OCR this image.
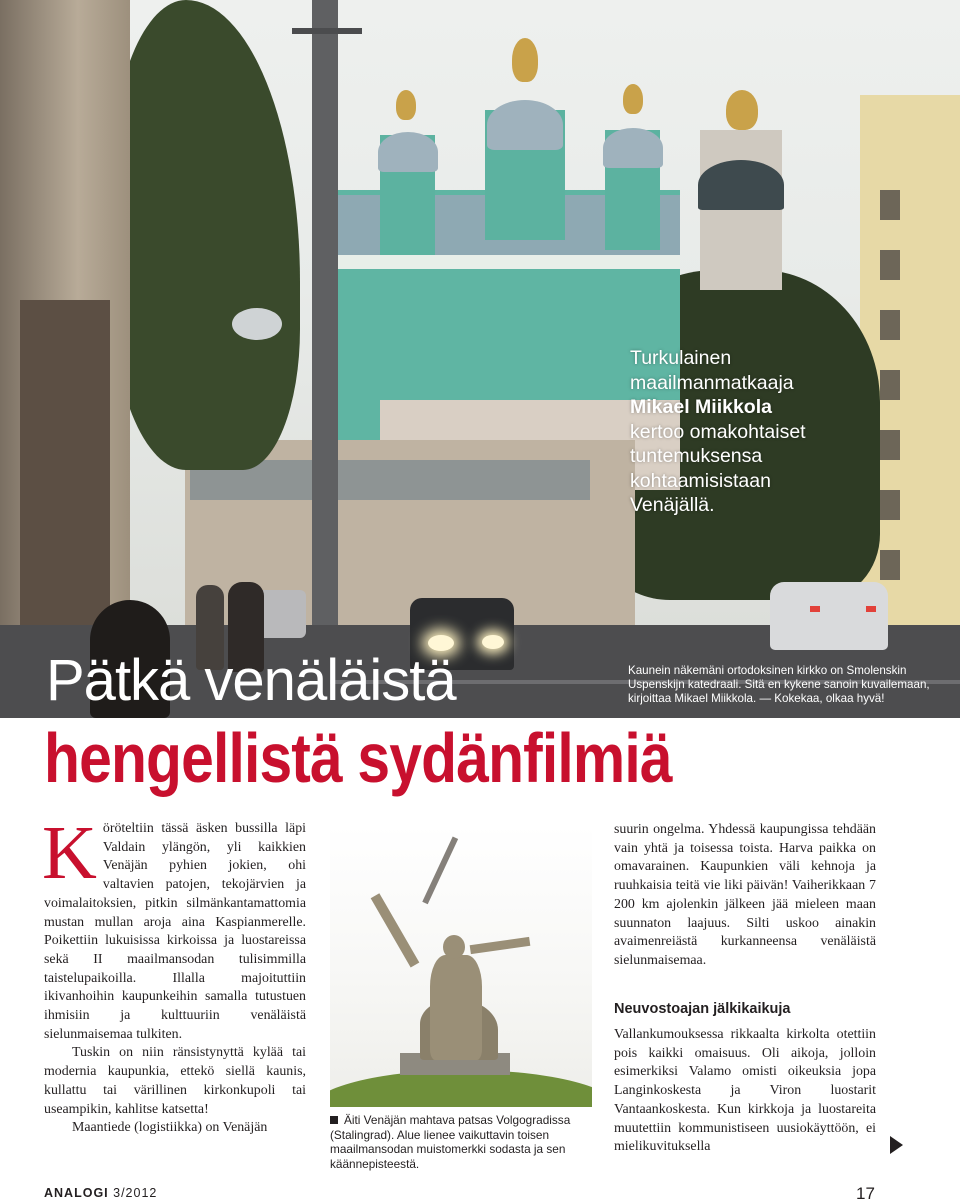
Turkulainen
maailmanmatkaaja

Mikael Miikkola
kertoo omakohtaiset
tuntemuksensa
kohtaamisistaan
Venäjällä.
Kaunein näkemäni ortodoksinen kirkko on Smolenskin Uspenskijn katedraali. Sitä en kykene sanoin kuvailemaan, kirjoittaa Mikael Miikkola. — Kokekaa, olkaa hyvä!
Pätkä venäläistä
hengellistä sydänfilmiä

Köröteltiin tässä äsken bussilla läpi Valdain ylängön, yli kaikkien Venäjän pyhien jokien, ohi valtavien patojen, tekojärvien ja voimalaitoksien, pitkin silmänkantamattomia mustan mullan aroja aina Kaspianmerelle. Poikettiin lukuisissa kirkoissa ja luostareissa sekä II maailmansodan tulisimmilla taistelupaikoilla. Illalla majoituttiin ikivanhoihin kaupunkeihin samalla tutustuen ihmisiin ja kulttuuriin venäläistä sielunmaisemaa tulkiten.

Tuskin on niin ränsistynyttä kylää tai modernia kaupunkia, ettekö siellä kaunis, kullattu tai värillinen kirkonkupoli tai useampikin, kahlitse katsetta!

Maantiede (logistiikka) on Venäjän

Äiti Venäjän mahtava patsas Volgogradissa (Stalingrad). Alue lienee vaikuttavin toisen maailmansodan muistomerkki sodasta ja sen käännepisteestä.

suurin ongelma. Yhdessä kaupungissa tehdään vain yhtä ja toisessa toista. Harva paikka on omavarainen. Kaupunkien väli kehnoja ja ruuhkaisia teitä vie liki päivän! Vaiherikkaan 7 200 km ajolenkin jälkeen jää mieleen maan suunnaton laajuus. Silti uskoo ainakin avaimenreiästä kurkanneensa venäläistä sielunmaisemaa.

Neuvostoajan jälkikaikuja

Vallankumouksessa rikkaalta kirkolta otettiin pois kaikki omaisuus. Oli aikoja, jolloin esimerkiksi Valamo omisti oikeuksia jopa Langinkoskesta ja Viron luostarit Vantaankoskesta. Kun kirkkoja ja luostareita muutettiin kommunistiseen uusiokäyttöön, ei mielikuvituksella

ANALOGI 3/2012	17
